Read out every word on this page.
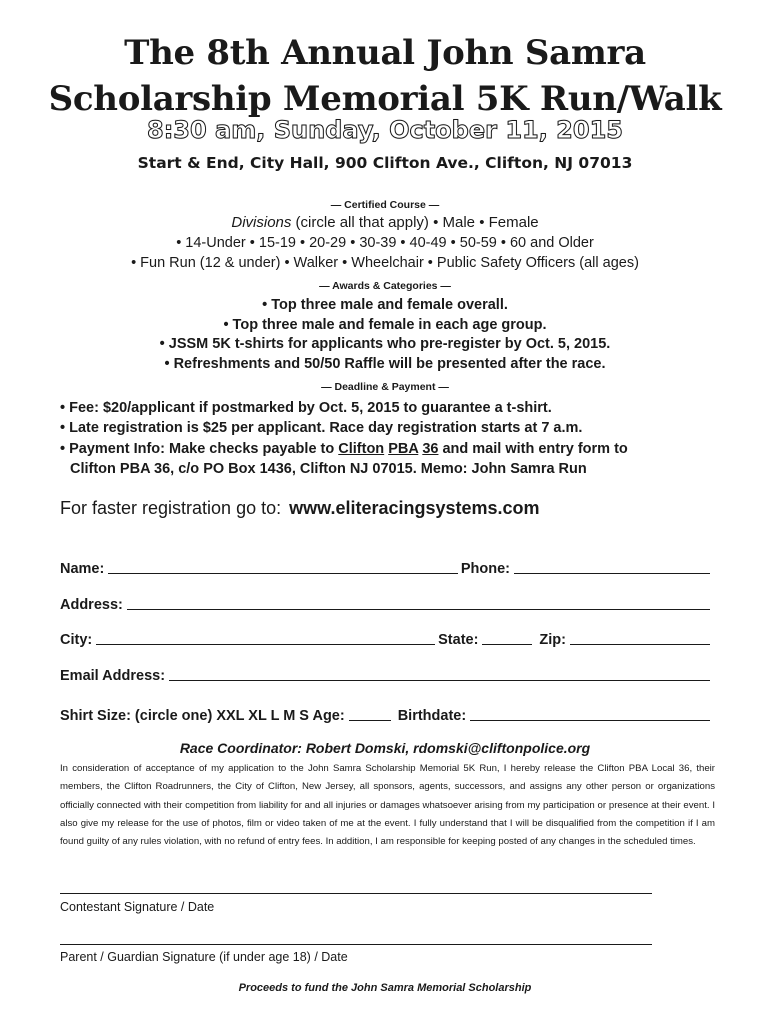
The 8th Annual John Samra
Scholarship Memorial 5K Run/Walk
8:30 am, Sunday, October 11, 2015
Start & End, City Hall, 900 Clifton Ave., Clifton, NJ 07013
— Certified Course —
Divisions (circle all that apply) • Male • Female
• 14-Under • 15-19 • 20-29 • 30-39 • 40-49 • 50-59 • 60 and Older
• Fun Run (12 & under) • Walker • Wheelchair • Public Safety Officers (all ages)
— Awards & Categories —
• Top three male and female overall.
• Top three male and female in each age group.
• JSSM 5K t-shirts for applicants who pre-register by Oct. 5, 2015.
• Refreshments and 50/50 Raffle will be presented after the race.
— Deadline & Payment —
• Fee: $20/applicant if postmarked by Oct. 5, 2015 to guarantee a t-shirt.
• Late registration is $25 per applicant. Race day registration starts at 7 a.m.
• Payment Info: Make checks payable to Clifton PBA 36 and mail with entry form to
Clifton PBA 36, c/o PO Box 1436, Clifton NJ 07015. Memo: John Samra Run
For faster registration go to: www.eliteracingsystems.com
Name:	Phone:
Address:
City:	State:	Zip:
Email Address:
Shirt Size: (circle one) XXL XL L M S Age:	Birthdate:
Race Coordinator: Robert Domski, rdomski@cliftonpolice.org
In consideration of acceptance of my application to the John Samra Scholarship Memorial 5K Run, I hereby release the Clifton PBA Local 36, their members, the Clifton Roadrunners, the City of Clifton, New Jersey, all sponsors, agents, successors, and assigns any other person or organizations officially connected with their competition from liability for and all injuries or damages whatsoever arising from my participation or presence at their event. I also give my release for the use of photos, film or video taken of me at the event. I fully understand that I will be disqualified from the competition if I am found guilty of any rules violation, with no refund of entry fees. In addition, I am responsible for keeping posted of any changes in the scheduled times.
Contestant Signature / Date
Parent / Guardian Signature (if under age 18) / Date
Proceeds to fund the John Samra Memorial Scholarship
